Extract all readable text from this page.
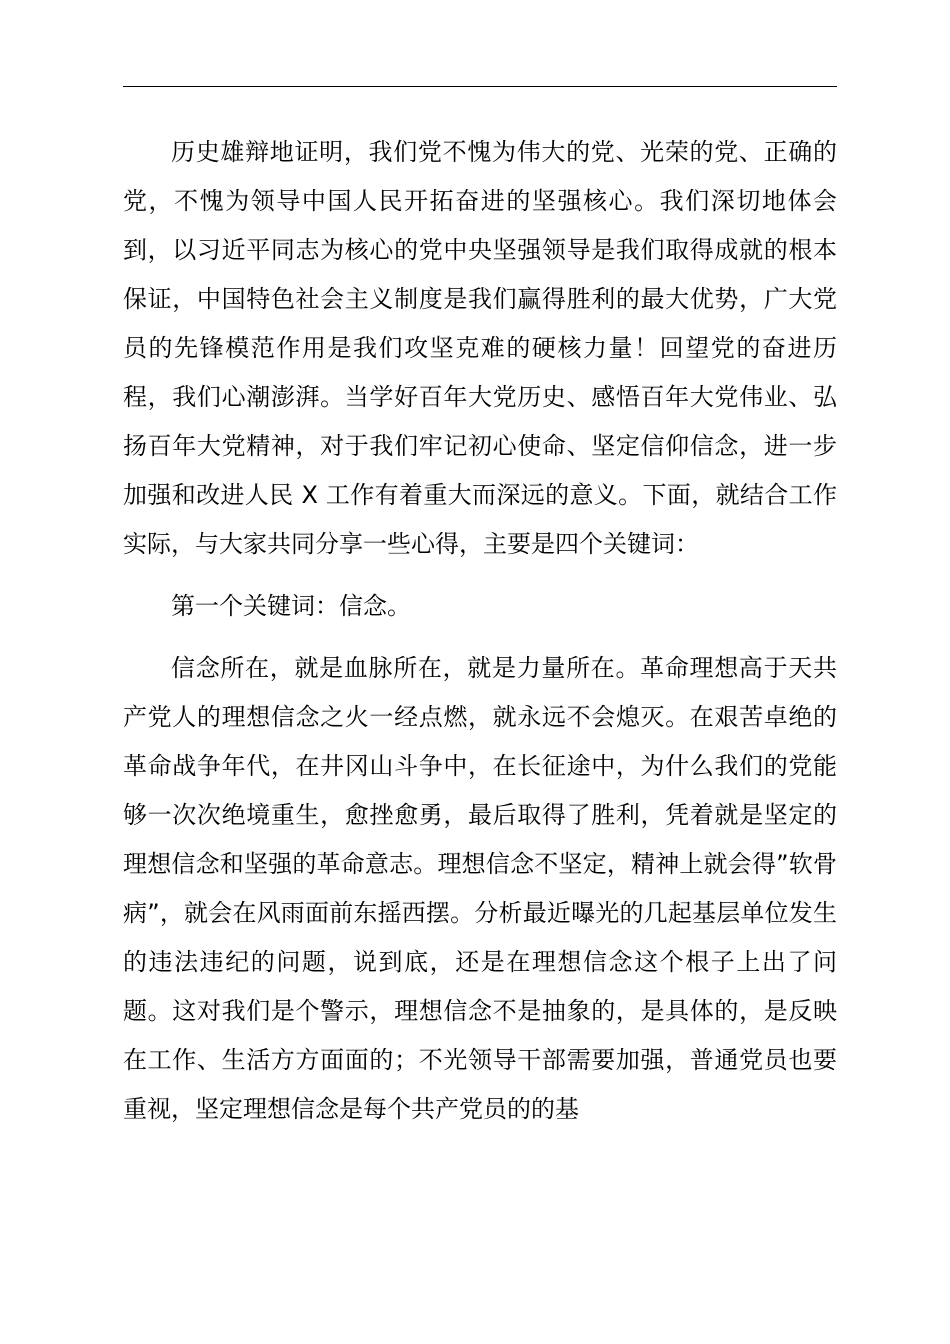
历史雄辩地证明，我们党不愧为伟大的党、光荣的党、正确的党，不愧为领导中国人民开拓奋进的坚强核心。我们深切地体会到，以习近平同志为核心的党中央坚强领导是我们取得成就的根本保证，中国特色社会主义制度是我们赢得胜利的最大优势，广大党员的先锋模范作用是我们攻坚克难的硬核力量！回望党的奋进历程，我们心潮澎湃。当学好百年大党历史、感悟百年大党伟业、弘扬百年大党精神，对于我们牢记初心使命、坚定信仰信念，进一步加强和改进人民 X 工作有着重大而深远的意义。下面，就结合工作实际，与大家共同分享一些心得，主要是四个关键词：

第一个关键词：信念。

信念所在，就是血脉所在，就是力量所在。革命理想高于天共产党人的理想信念之火一经点燃，就永远不会熄灭。在艰苦卓绝的革命战争年代，在井冈山斗争中，在长征途中，为什么我们的党能够一次次绝境重生，愈挫愈勇，最后取得了胜利，凭着就是坚定的理想信念和坚强的革命意志。理想信念不坚定，精神上就会得”软骨病”，就会在风雨面前东摇西摆。分析最近曝光的几起基层单位发生的违法违纪的问题，说到底，还是在理想信念这个根子上出了问题。这对我们是个警示，理想信念不是抽象的，是具体的，是反映在工作、生活方方面面的；不光领导干部需要加强，普通党员也要重视，坚定理想信念是每个共产党员的的基
